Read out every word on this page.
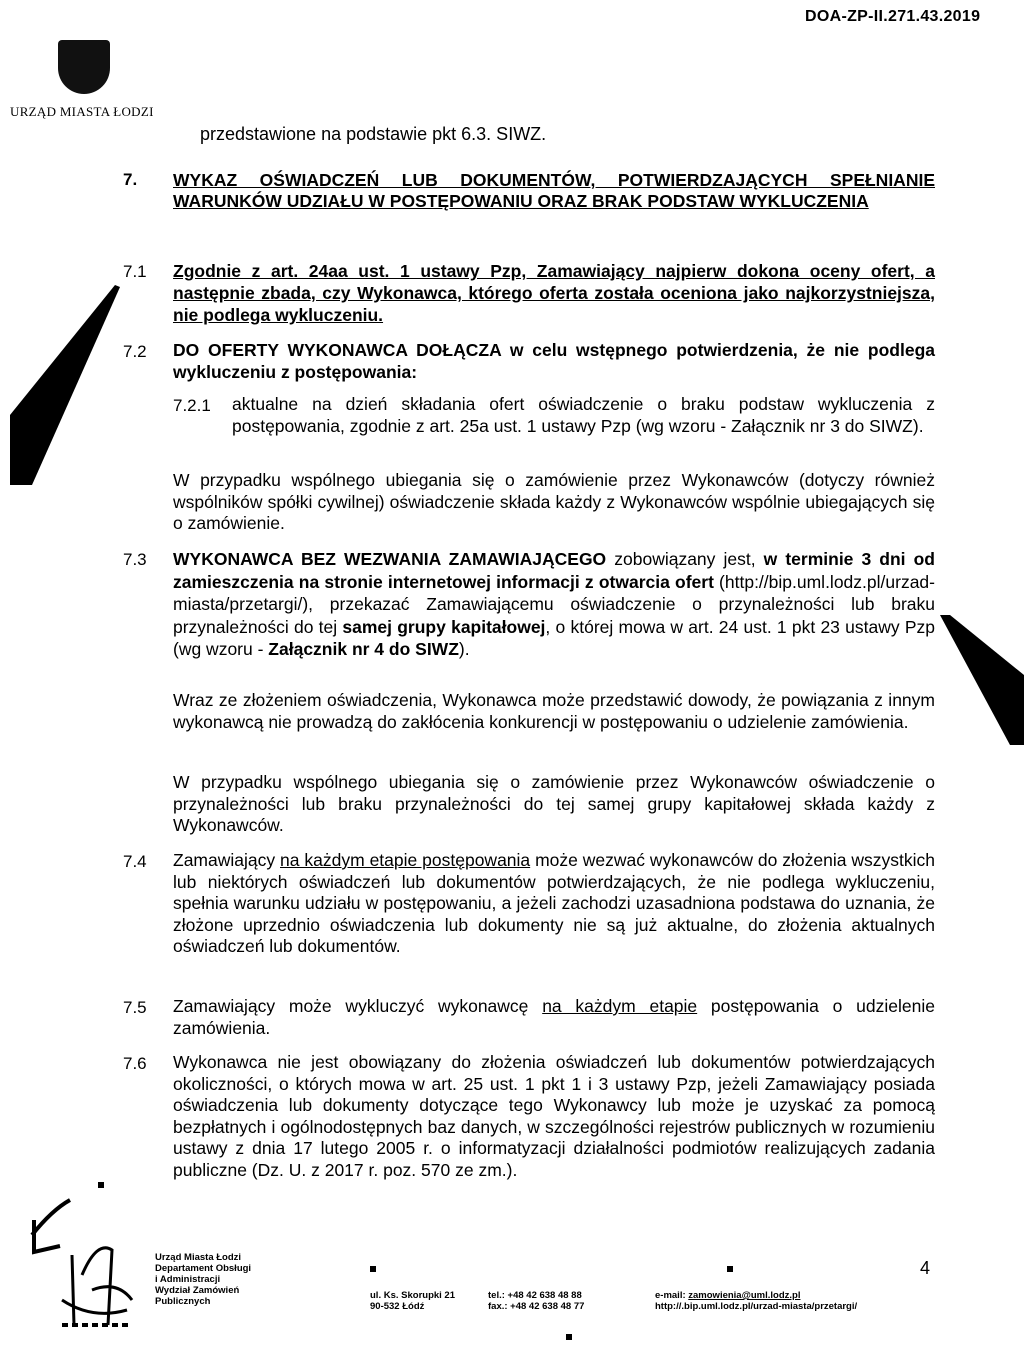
DOA-ZP-II.271.43.2019
URZĄD MIASTA ŁODZI
przedstawione na podstawie pkt 6.3. SIWZ.
7. WYKAZ OŚWIADCZEŃ LUB DOKUMENTÓW, POTWIERDZAJĄCYCH SPEŁNIANIE WARUNKÓW UDZIAŁU W POSTĘPOWANIU ORAZ BRAK PODSTAW WYKLUCZENIA
7.1 Zgodnie z art. 24aa ust. 1 ustawy Pzp, Zamawiający najpierw dokona oceny ofert, a następnie zbada, czy Wykonawca, którego oferta została oceniona jako najkorzystniejsza, nie podlega wykluczeniu.
7.2 DO OFERTY WYKONAWCA DOŁĄCZA w celu wstępnego potwierdzenia, że nie podlega wykluczeniu z postępowania:
7.2.1 aktualne na dzień składania ofert oświadczenie o braku podstaw wykluczenia z postępowania, zgodnie z art. 25a ust. 1 ustawy Pzp (wg wzoru - Załącznik nr 3 do SIWZ).
W przypadku wspólnego ubiegania się o zamówienie przez Wykonawców (dotyczy również wspólników spółki cywilnej) oświadczenie składa każdy z Wykonawców wspólnie ubiegających się o zamówienie.
7.3 WYKONAWCA BEZ WEZWANIA ZAMAWIAJĄCEGO zobowiązany jest, w terminie 3 dni od zamieszczenia na stronie internetowej informacji z otwarcia ofert (http://bip.uml.lodz.pl/urzad-miasta/przetargi/), przekazać Zamawiającemu oświadczenie o przynależności lub braku przynależności do tej samej grupy kapitałowej, o której mowa w art. 24 ust. 1 pkt 23 ustawy Pzp (wg wzoru - Załącznik nr 4 do SIWZ).
Wraz ze złożeniem oświadczenia, Wykonawca może przedstawić dowody, że powiązania z innym wykonawcą nie prowadzą do zakłócenia konkurencji w postępowaniu o udzielenie zamówienia.
W przypadku wspólnego ubiegania się o zamówienie przez Wykonawców oświadczenie o przynależności lub braku przynależności do tej samej grupy kapitałowej składa każdy z Wykonawców.
7.4 Zamawiający na każdym etapie postępowania może wezwać wykonawców do złożenia wszystkich lub niektórych oświadczeń lub dokumentów potwierdzających, że nie podlega wykluczeniu, spełnia warunku udziału w postępowaniu, a jeżeli zachodzi uzasadniona podstawa do uznania, że złożone uprzednio oświadczenia lub dokumenty nie są już aktualne, do złożenia aktualnych oświadczeń lub dokumentów.
7.5 Zamawiający może wykluczyć wykonawcę na każdym etapie postępowania o udzielenie zamówienia.
7.6 Wykonawca nie jest obowiązany do złożenia oświadczeń lub dokumentów potwierdzających okoliczności, o których mowa w art. 25 ust. 1 pkt 1 i 3 ustawy Pzp, jeżeli Zamawiający posiada oświadczenia lub dokumenty dotyczące tego Wykonawcy lub może je uzyskać za pomocą bezpłatnych i ogólnodostępnych baz danych, w szczególności rejestrów publicznych w rozumieniu ustawy z dnia 17 lutego 2005 r. o informatyzacji działalności podmiotów realizujących zadania publiczne (Dz. U. z 2017 r. poz. 570 ze zm.).
Urząd Miasta Łodzi
Departament Obsługi
i Administracji
Wydział Zamówień
Publicznych
ul. Ks. Skorupki 21
90-532 Łódź
tel.: +48 42 638 48 88
fax.: +48 42 638 48 77
e-mail: zamowienia@uml.lodz.pl
http://.bip.uml.lodz.pl/urzad-miasta/przetargi/
4
